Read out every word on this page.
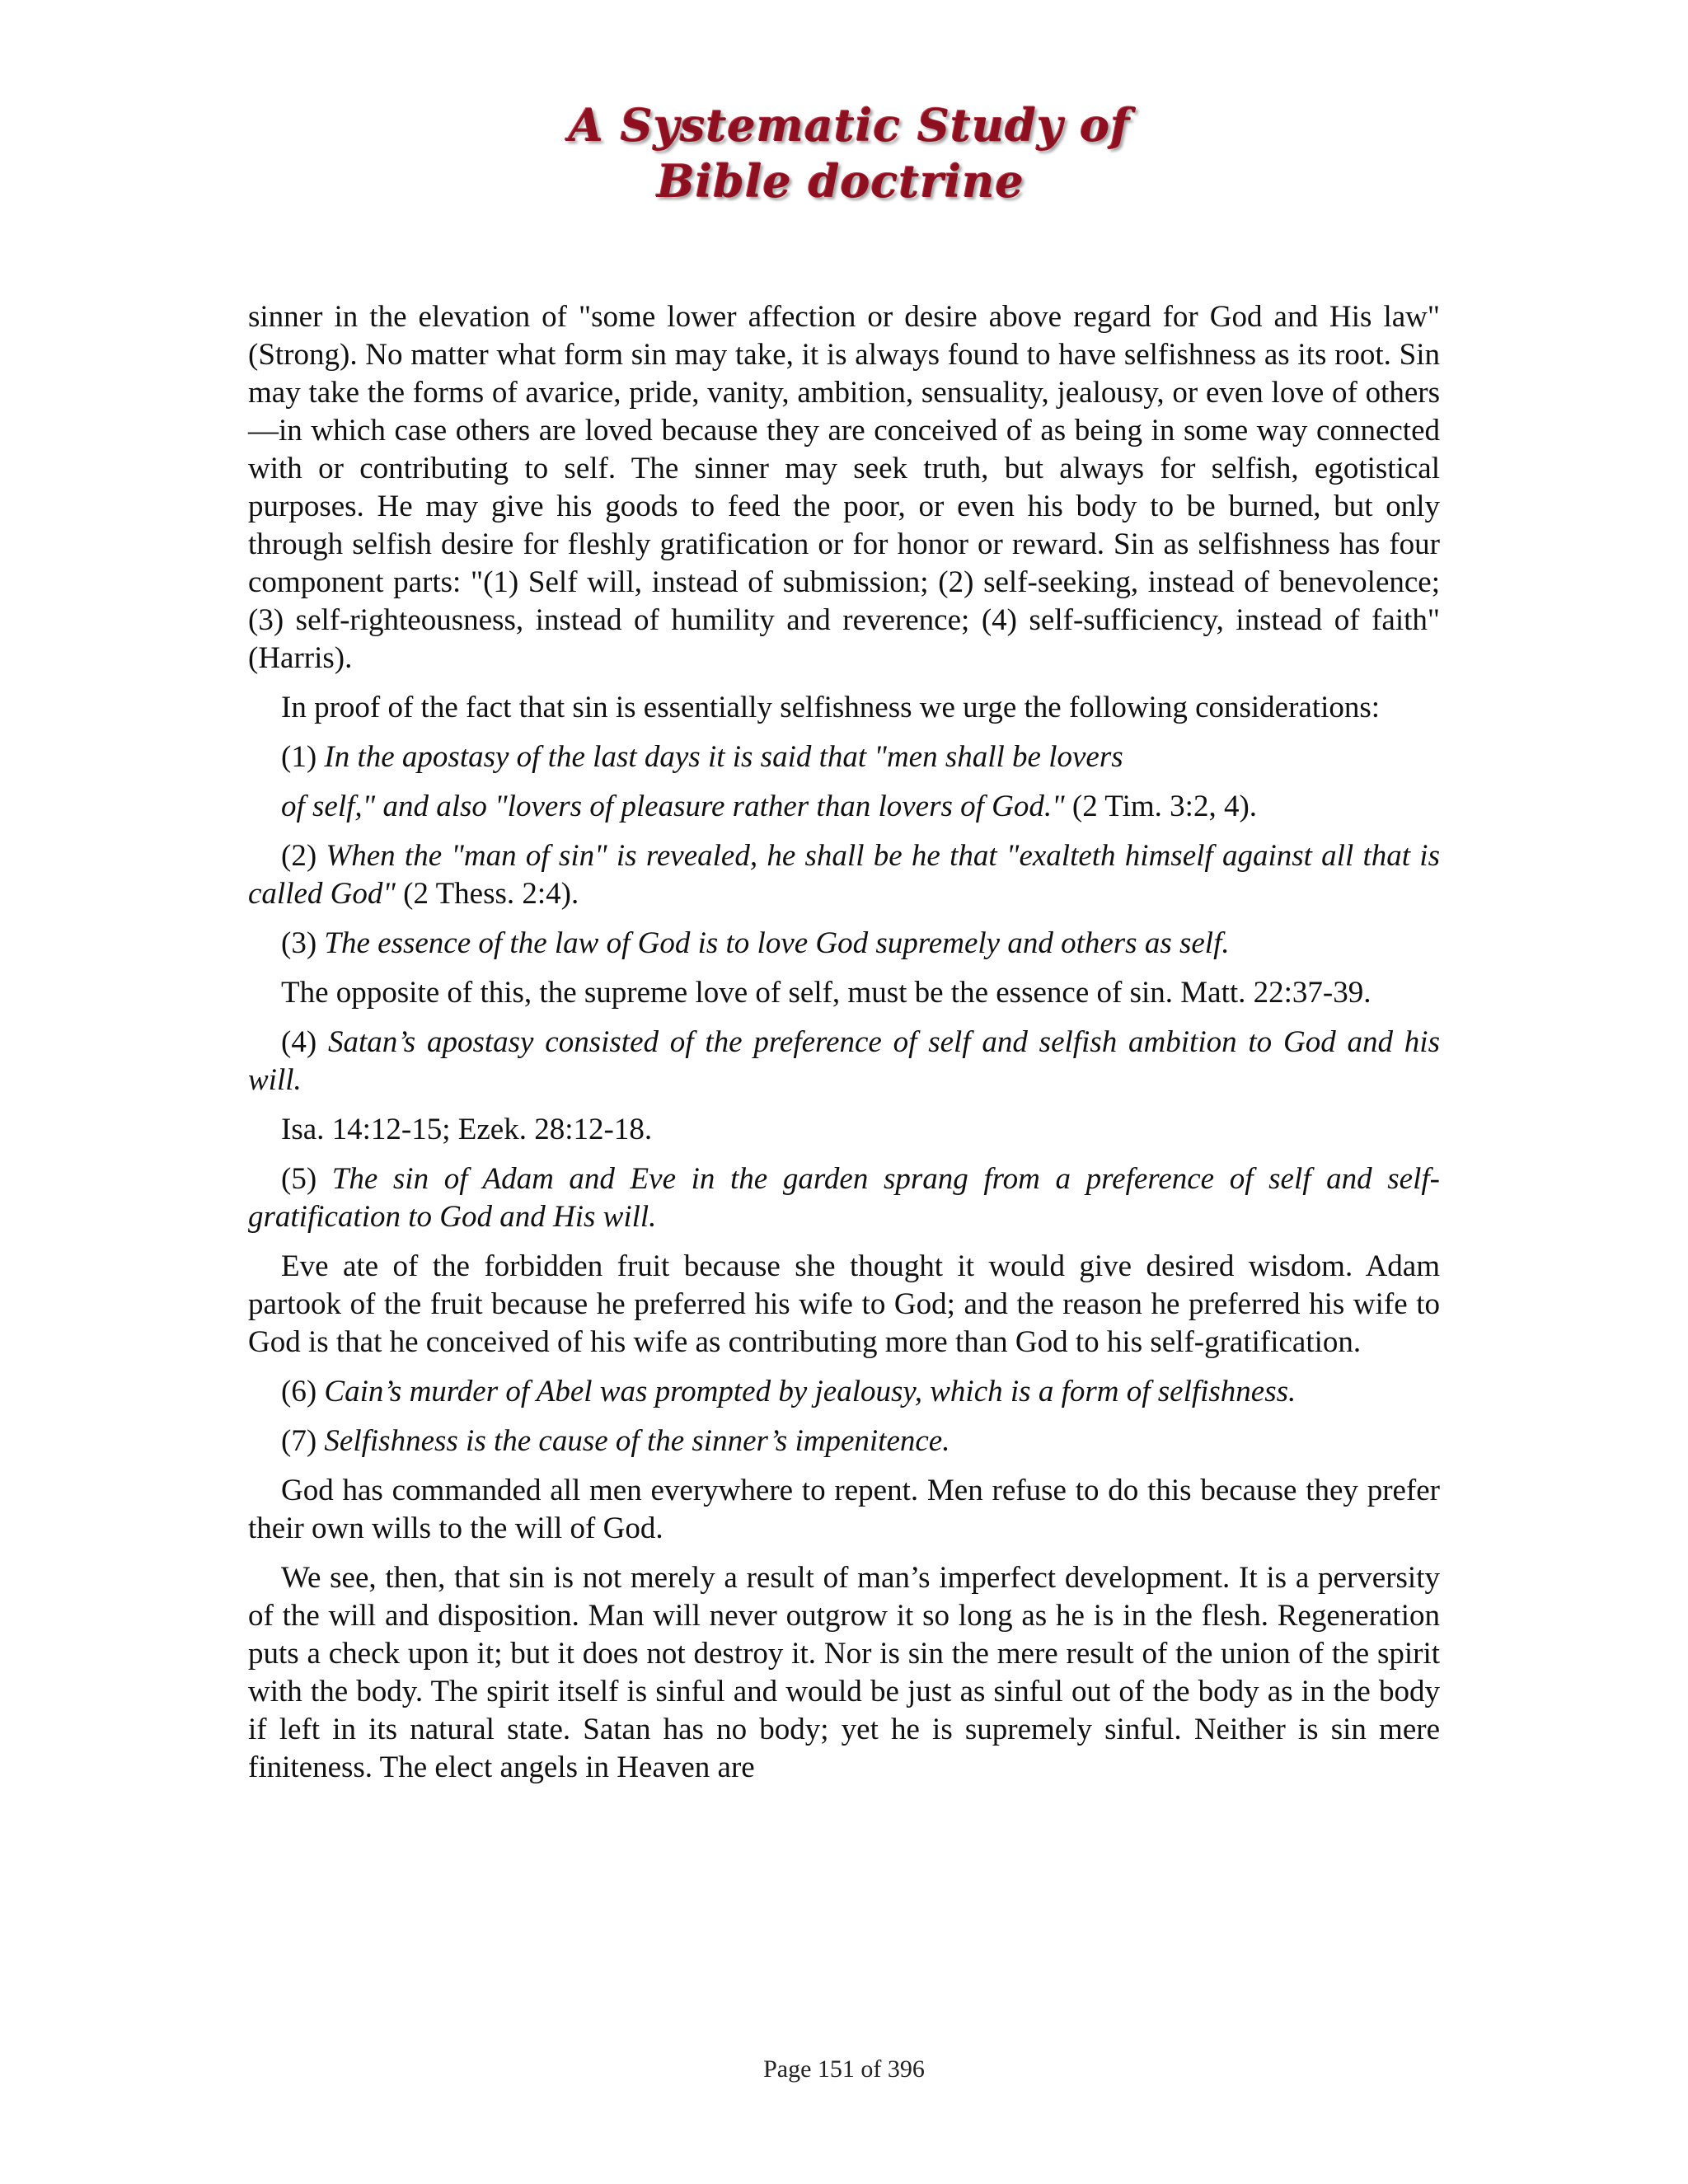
A Systematic Study of
Bible doctrine

sinner in the elevation of "some lower affection or desire above regard for God and His law" (Strong). No matter what form sin may take, it is always found to have selfishness as its root. Sin may take the forms of avarice, pride, vanity, ambition, sensuality, jealousy, or even love of others—in which case others are loved because they are conceived of as being in some way connected with or contributing to self. The sinner may seek truth, but always for selfish, egotistical purposes. He may give his goods to feed the poor, or even his body to be burned, but only through selfish desire for fleshly gratification or for honor or reward. Sin as selfishness has four component parts: "(1) Self will, instead of submission; (2) self-seeking, instead of benevolence; (3) self-righteousness, instead of humility and reverence; (4) self-sufficiency, instead of faith" (Harris).

In proof of the fact that sin is essentially selfishness we urge the following considerations:

(1) In the apostasy of the last days it is said that "men shall be lovers

of self," and also "lovers of pleasure rather than lovers of God." (2 Tim. 3:2, 4).

(2) When the "man of sin" is revealed, he shall be he that "exalteth himself against all that is called God" (2 Thess. 2:4).

(3) The essence of the law of God is to love God supremely and others as self.

The opposite of this, the supreme love of self, must be the essence of sin. Matt. 22:37-39.

(4) Satan’s apostasy consisted of the preference of self and selfish ambition to God and his will.

Isa. 14:12-15; Ezek. 28:12-18.

(5) The sin of Adam and Eve in the garden sprang from a preference of self and self-gratification to God and His will.

Eve ate of the forbidden fruit because she thought it would give desired wisdom. Adam partook of the fruit because he preferred his wife to God; and the reason he preferred his wife to God is that he conceived of his wife as contributing more than God to his self-gratification.

(6) Cain’s murder of Abel was prompted by jealousy, which is a form of selfishness.

(7) Selfishness is the cause of the sinner’s impenitence.

God has commanded all men everywhere to repent. Men refuse to do this because they prefer their own wills to the will of God.

We see, then, that sin is not merely a result of man’s imperfect development. It is a perversity of the will and disposition. Man will never outgrow it so long as he is in the flesh. Regeneration puts a check upon it; but it does not destroy it. Nor is sin the mere result of the union of the spirit with the body. The spirit itself is sinful and would be just as sinful out of the body as in the body if left in its natural state. Satan has no body; yet he is supremely sinful. Neither is sin mere finiteness. The elect angels in Heaven are

Page 151 of 396
